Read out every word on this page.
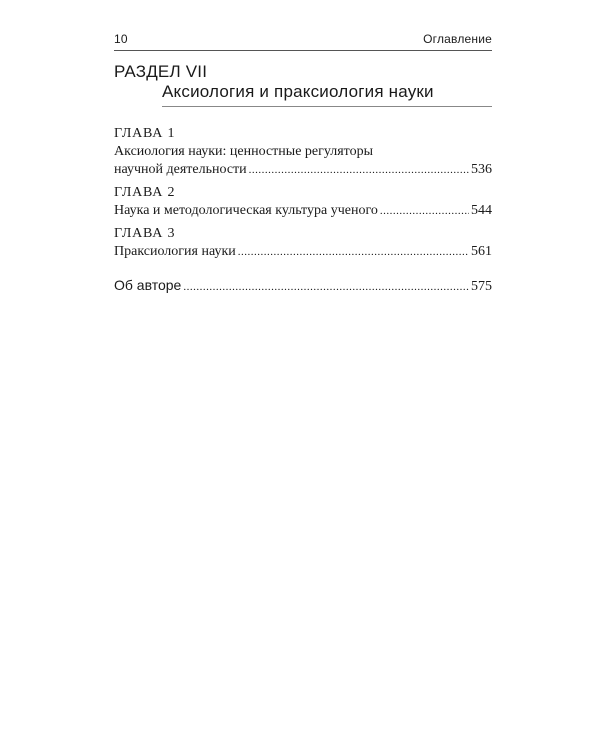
10	Оглавление
РАЗДЕЛ VII
Аксиология и праксиология науки
ГЛАВА 1
Аксиология науки: ценностные регуляторы
научной деятельности .....	536
ГЛАВА 2
Наука и методологическая культура ученого .....	544
ГЛАВА 3
Праксиология науки .....	561
Об авторе .....	575
